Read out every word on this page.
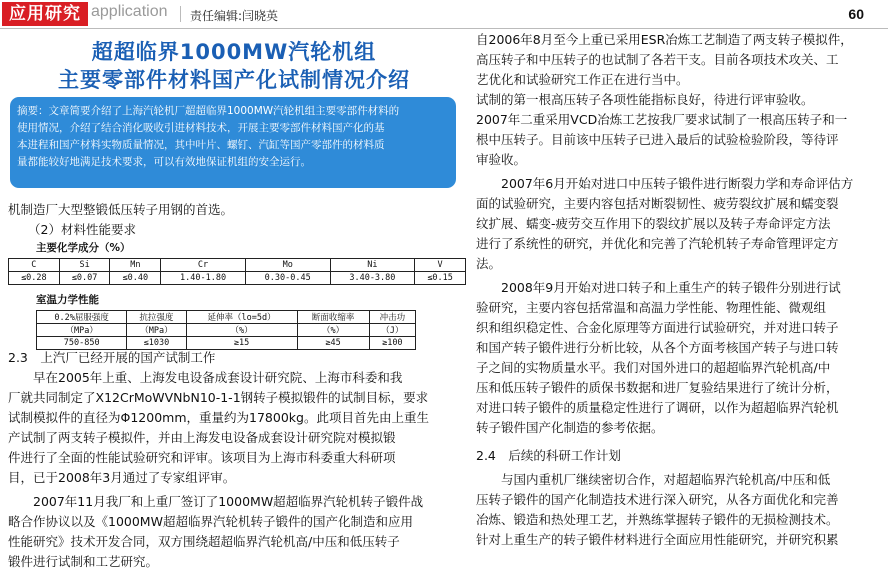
应用研究 application 责任编辑:闫晓英	60
超超临界1000MW汽轮机组
主要零部件材料国产化试制情况介绍
摘要：文章简要介绍了上海汽轮机厂超超临界1000MW汽轮机组主要零部件材料的
使用情况，介绍了结合消化吸收引进材料技术，开展主要零部件材料国产化的基
本进程和国产材料实物质量情况，其中叶片、螺钉、汽缸等国产零部件的材料质
量都能较好地满足技术要求，可以有效地保证机组的安全运行。
机制造厂大型整锻低压转子用钢的首选。
（2）材料性能要求
主要化学成分（%）
C	Si	Mn	Cr	Mo	Ni	V
≤0.28	≤0.07	≤0.40	1.40-1.80	0.30-0.45	3.40-3.80	≤0.15
室温力学性能
0.2%屈服强度	抗拉强度	延伸率（lo=5d）	断面收缩率	冲击功
（MPa）	（MPa）	（%）	（%）	（J）
750-850	≤1030	≥15	≥45	≥100
2.3　上汽厂已经开展的国产试制工作
　　早在2005年上重、上海发电设备成套设计研究院、上海市科委和我
厂就共同制定了X12CrMoWVNbN10-1-1钢转子模拟锻件的试制目标，要求
试制模拟件的直径为Φ1200mm，重量约为17800kg。此项目首先由上重生
产试制了两支转子模拟件，并由上海发电设备成套设计研究院对模拟锻
件进行了全面的性能试验研究和评审。该项目为上海市科委重大科研项
目，已于2008年3月通过了专家组评审。
　　2007年11月我厂和上重厂签订了1000MW超超临界汽轮机转子锻件战
略合作协议以及《1000MW超超临界汽轮机转子锻件的国产化制造和应用
性能研究》技术开发合同，双方围绕超超临界汽轮机高/中压和低压转子
锻件进行试制和工艺研究。
自2006年8月至今上重已采用ESR冶炼工艺制造了两支转子模拟件，
高压转子和中压转子的也试制了各若干支。目前各项技术攻关、工
艺优化和试验研究工作正在进行当中。
试制的第一根高压转子各项性能指标良好，待进行评审验收。
2007年二重采用VCD冶炼工艺按我厂要求试制了一根高压转子和一
根中压转子。目前该中压转子已进入最后的试验检验阶段，等待评
审验收。
　　2007年6月开始对进口中压转子锻件进行断裂力学和寿命评估方
面的试验研究，主要内容包括对断裂韧性、疲劳裂纹扩展和蠕变裂
纹扩展、蠕变-疲劳交互作用下的裂纹扩展以及转子寿命评定方法
进行了系统性的研究，并优化和完善了汽轮机转子寿命管理评定方
法。
　　2008年9月开始对进口转子和上重生产的转子锻件分别进行试
验研究，主要内容包括常温和高温力学性能、物理性能、微观组
织和组织稳定性、合金化原理等方面进行试验研究，并对进口转子
和国产转子锻件进行分析比较，从各个方面考核国产转子与进口转
子之间的实物质量水平。我们对国外进口的超超临界汽轮机高/中
压和低压转子锻件的质保书数据和进厂复验结果进行了统计分析，
对进口转子锻件的质量稳定性进行了调研，以作为超超临界汽轮机
转子锻件国产化制造的参考依据。
2.4　后续的科研工作计划
　　与国内重机厂继续密切合作，对超超临界汽轮机高/中压和低
压转子锻件的国产化制造技术进行深入研究，从各方面优化和完善
冶炼、锻造和热处理工艺，并熟练掌握转子锻件的无损检测技术。
针对上重生产的转子锻件材料进行全面应用性能研究，并研究积累
